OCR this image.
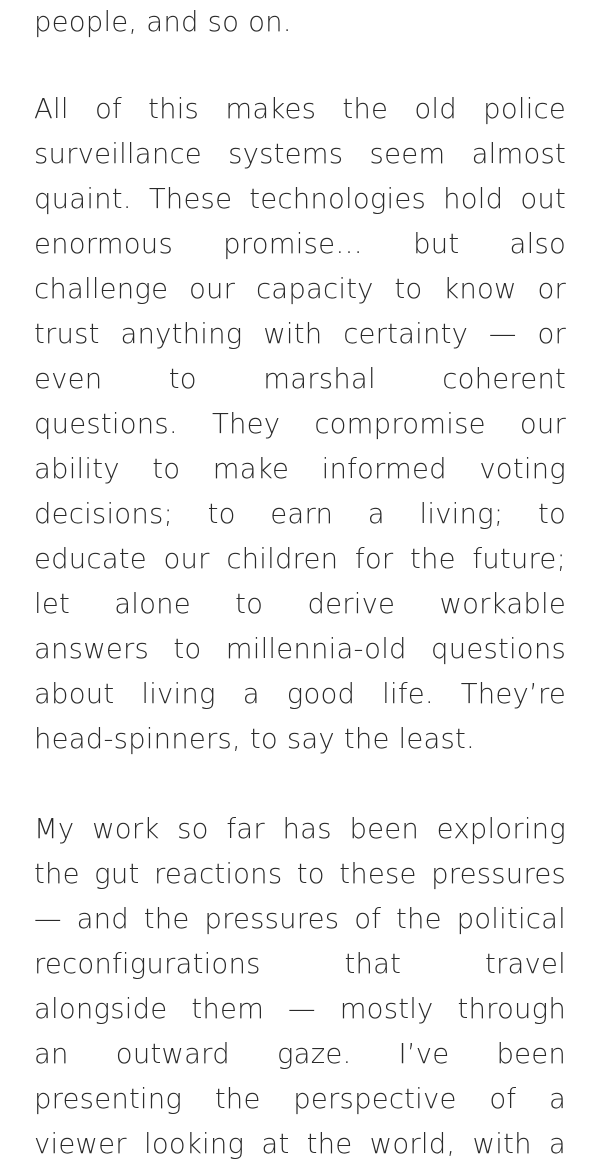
people, and so on.
All of this makes the old police
surveillance systems seem almost
quaint. These technologies hold out
enormous promise… but also
challenge our capacity to know or
trust anything with certainty — or
even to marshal coherent
questions. They compromise our
ability to make informed voting
decisions; to earn a living; to
educate our children for the future;
let alone to derive workable
answers to millennia-old questions
about living a good life. They’re
head-spinners, to say the least.
My work so far has been exploring
the gut reactions to these pressures
— and the pressures of the political
reconfigurations that travel
alongside them — mostly through
an outward gaze. I’ve been
presenting the perspective of a
viewer looking at the world, with a
